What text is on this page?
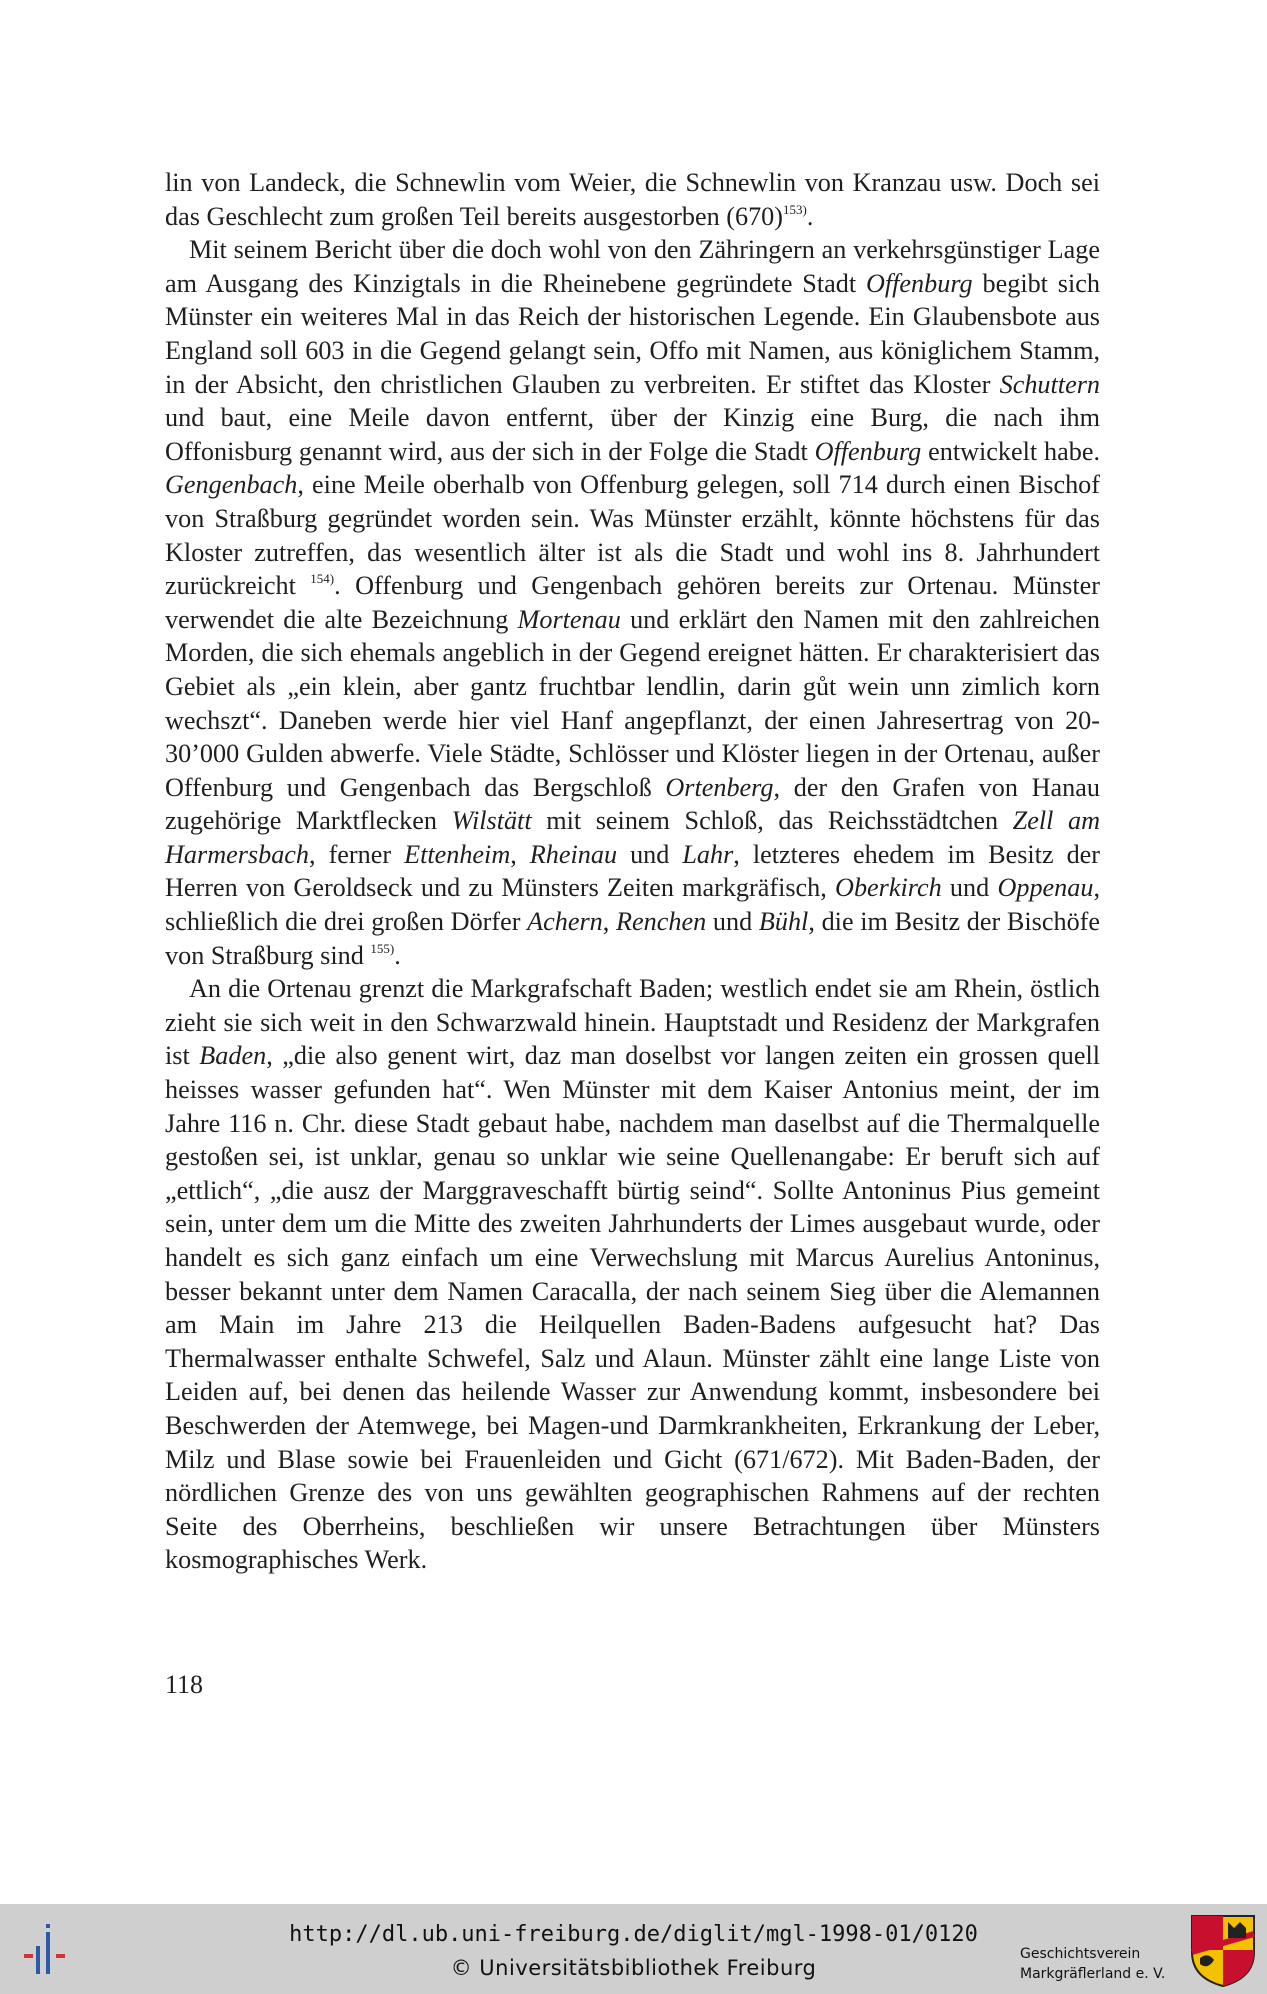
lin von Landeck, die Schnewlin vom Weier, die Schnewlin von Kranzau usw. Doch sei das Geschlecht zum großen Teil bereits ausgestorben (670)$^{153)}$.

Mit seinem Bericht über die doch wohl von den Zähringern an verkehrsgünstiger Lage am Ausgang des Kinzigtals in die Rheinebene gegründete Stadt Offenburg begibt sich Münster ein weiteres Mal in das Reich der historischen Legende. Ein Glaubensbote aus England soll 603 in die Gegend gelangt sein, Offo mit Namen, aus königlichem Stamm, in der Absicht, den christlichen Glauben zu verbreiten. Er stiftet das Kloster Schuttern und baut, eine Meile davon entfernt, über der Kinzig eine Burg, die nach ihm Offonisburg genannt wird, aus der sich in der Folge die Stadt Offenburg entwickelt habe. Gengenbach, eine Meile oberhalb von Offenburg gelegen, soll 714 durch einen Bischof von Straßburg gegründet worden sein. Was Münster erzählt, könnte höchstens für das Kloster zutreffen, das wesentlich älter ist als die Stadt und wohl ins 8. Jahrhundert zurückreicht $^{154)}$. Offenburg und Gengenbach gehören bereits zur Ortenau. Münster verwendet die alte Bezeichnung Mortenau und erklärt den Namen mit den zahlreichen Morden, die sich ehemals angeblich in der Gegend ereignet hätten. Er charakterisiert das Gebiet als „ein klein, aber gantz fruchtbar lendlin, darin gůt wein unn zimlich korn wechszt“. Daneben werde hier viel Hanf angepflanzt, der einen Jahresertrag von 20-30’000 Gulden abwerfe. Viele Städte, Schlösser und Klöster liegen in der Ortenau, außer Offenburg und Gengenbach das Bergschloß Ortenberg, der den Grafen von Hanau zugehörige Marktflecken Wilstätt mit seinem Schloß, das Reichsstädtchen Zell am Harmersbach, ferner Ettenheim, Rheinau und Lahr, letzteres ehedem im Besitz der Herren von Geroldseck und zu Münsters Zeiten markgräfisch, Oberkirch und Oppenau, schließlich die drei großen Dörfer Achern, Renchen und Bühl, die im Besitz der Bischöfe von Straßburg sind $^{155)}$.

An die Ortenau grenzt die Markgrafschaft Baden; westlich endet sie am Rhein, östlich zieht sie sich weit in den Schwarzwald hinein. Hauptstadt und Residenz der Markgrafen ist Baden, „die also genent wirt, daz man doselbst vor langen zeiten ein grossen quell heisses wasser gefunden hat“. Wen Münster mit dem Kaiser Antonius meint, der im Jahre 116 n. Chr. diese Stadt gebaut habe, nachdem man daselbst auf die Thermalquelle gestoßen sei, ist unklar, genau so unklar wie seine Quellenangabe: Er beruft sich auf „ettlich“, „die ausz der Marggraveschafft bürtig seind“. Sollte Antoninus Pius gemeint sein, unter dem um die Mitte des zweiten Jahrhunderts der Limes ausgebaut wurde, oder handelt es sich ganz einfach um eine Verwechslung mit Marcus Aurelius Antoninus, besser bekannt unter dem Namen Caracalla, der nach seinem Sieg über die Alemannen am Main im Jahre 213 die Heilquellen Baden-Badens aufgesucht hat? Das Thermalwasser enthalte Schwefel, Salz und Alaun. Münster zählt eine lange Liste von Leiden auf, bei denen das heilende Wasser zur Anwendung kommt, insbesondere bei Beschwerden der Atemwege, bei Magen-und Darmkrankheiten, Erkrankung der Leber, Milz und Blase sowie bei Frauenleiden und Gicht (671/672). Mit Baden-Baden, der nördlichen Grenze des von uns gewählten geographischen Rahmens auf der rechten Seite des Oberrheins, beschließen wir unsere Betrachtungen über Münsters kosmographisches Werk.

118
http://dl.ub.uni-freiburg.de/diglit/mgl-1998-01/0120
© Universitätsbibliothek Freiburg
Geschichtsverein
Markgräflerland e. V.
